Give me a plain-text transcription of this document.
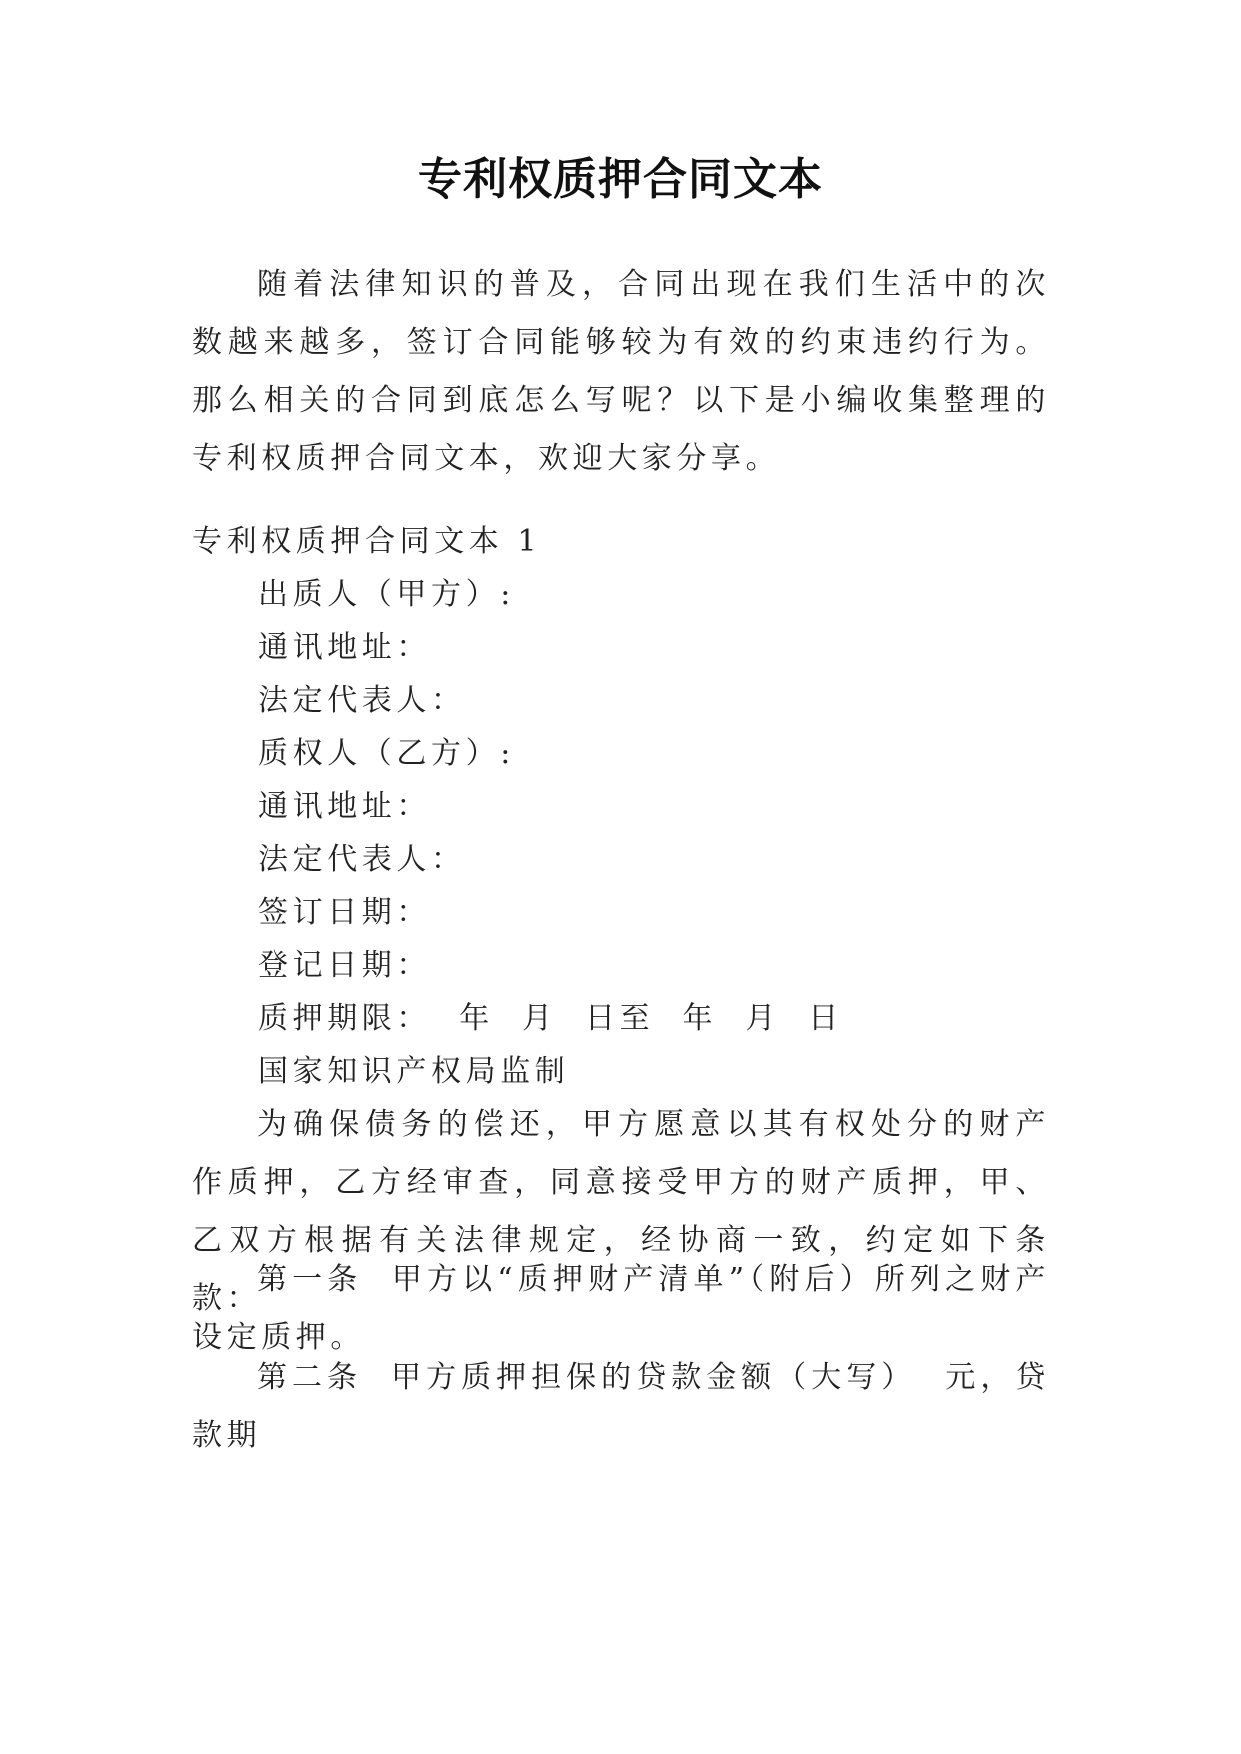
专利权质押合同文本

随着法律知识的普及，合同出现在我们生活中的次数越来越多，签订合同能够较为有效的约束违约行为。那么相关的合同到底怎么写呢？以下是小编收集整理的专利权质押合同文本，欢迎大家分享。

专利权质押合同文本 1
出质人（甲方）:
通讯地址：
法定代表人：
质权人（乙方）:
通讯地址：
法定代表人：
签订日期：
登记日期：
质押期限：  年  月  日至  年  月  日
国家知识产权局监制

为确保债务的偿还，甲方愿意以其有权处分的财产作质押，乙方经审查，同意接受甲方的财产质押，甲、乙双方根据有关法律规定，经协商一致，约定如下条款：

第一条  甲方以“质押财产清单”（附后）所列之财产设定质押。

第二条  甲方质押担保的贷款金额（大写）  元，贷款期
